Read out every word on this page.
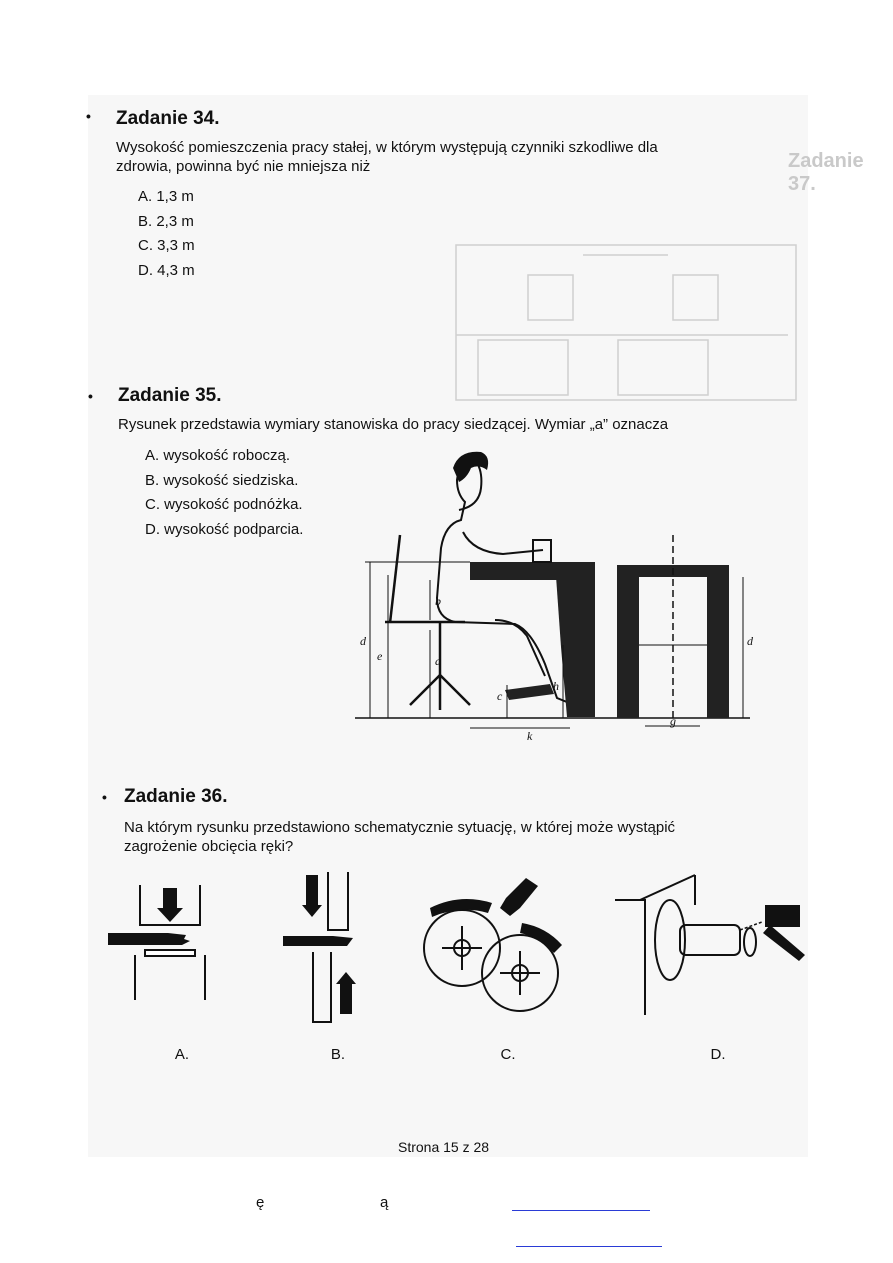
Zadanie 37.
• Zadanie 34.
Wysokość pomieszczenia pracy stałej, w którym występują czynniki szkodliwe dla
zdrowia, powinna być nie mniejsza niż
A. 1,3 m
B. 2,3 m
C. 3,3 m
D. 4,3 m
• Zadanie 35.
Rysunek przedstawia wymiary stanowiska do pracy siedzącej. Wymiar „a” oznacza
A. wysokość roboczą.
B. wysokość siedziska.
C. wysokość podnóżka.
D. wysokość podparcia.
d
e
b
a
c
h
k
g
d
• Zadanie 36.
Na którym rysunku przedstawiono schematycznie sytuację, w której może wystąpić
zagrożenie obcięcia ręki?
A.	B.	C.	D.
Strona 15 z 28
ę	ą
